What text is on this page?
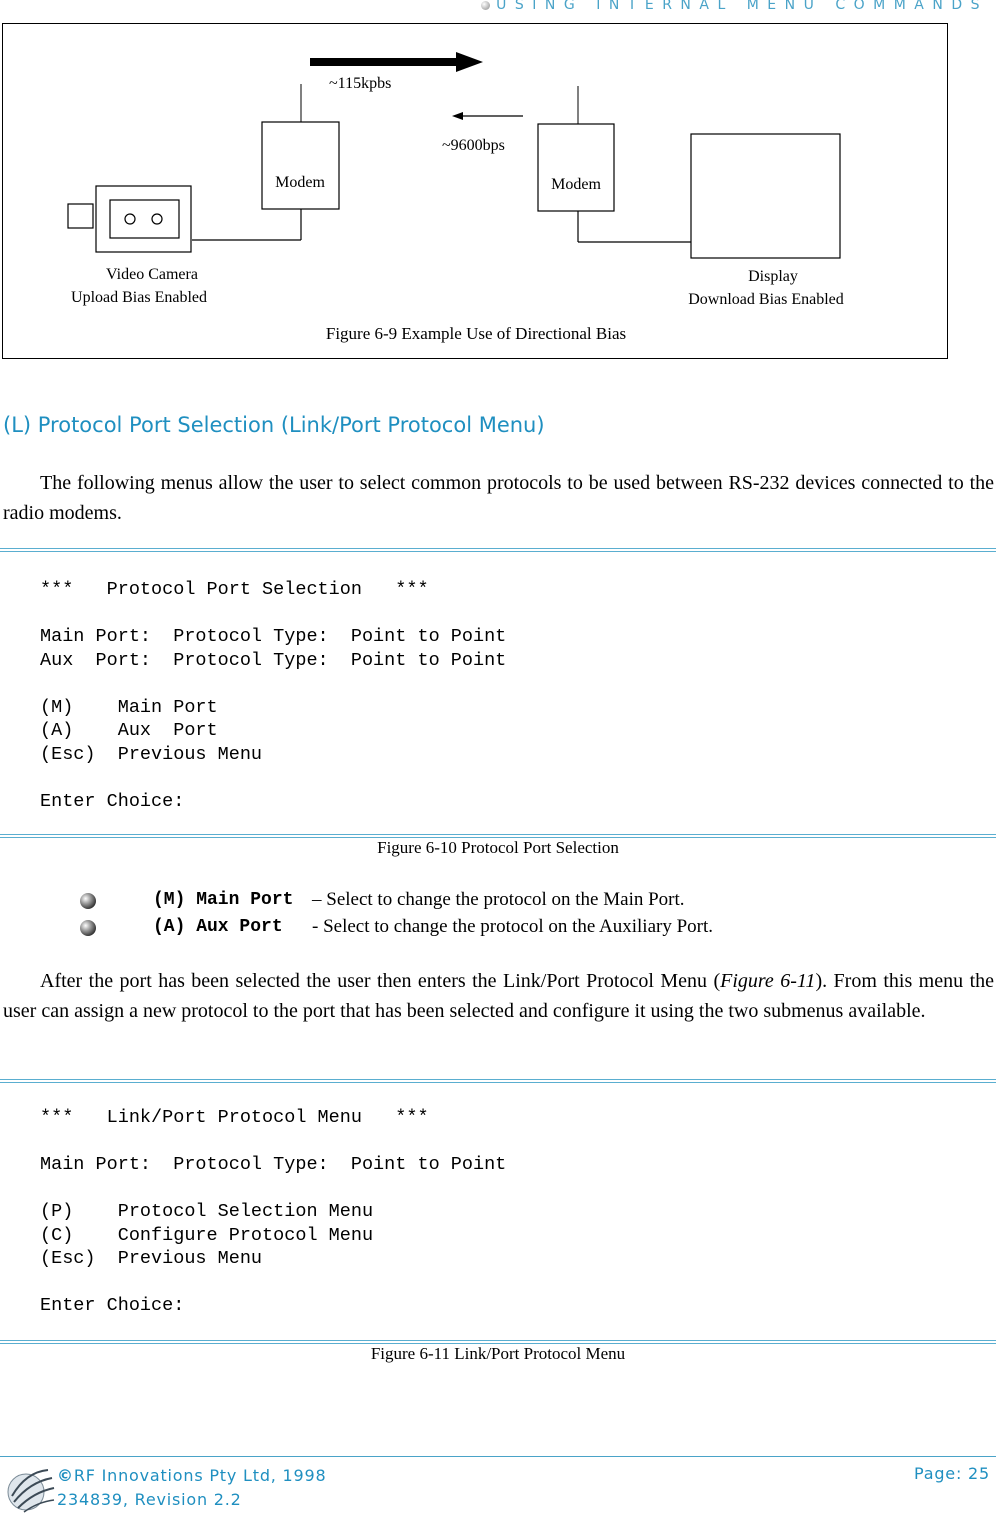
USING INTERNAL MENU COMMANDS
~115kpbs
~9600bps
Modem	Modem
Video Camera
Upload Bias Enabled
Display
Download Bias Enabled
Figure 6-9 Example Use of Directional Bias
(L) Protocol Port Selection (Link/Port Protocol Menu)
The following menus allow the user to select common protocols to be used between RS-232 devices connected to the radio modems.
***   Protocol Port Selection   ***

Main Port:  Protocol Type:  Point to Point
Aux  Port:  Protocol Type:  Point to Point

(M)    Main Port
(A)    Aux  Port
(Esc)  Previous Menu

Enter Choice:
Figure 6-10 Protocol Port Selection
(M) Main Port – Select to change the protocol on the Main Port.
(A) Aux Port - Select to change the protocol on the Auxiliary Port.
After the port has been selected the user then enters the Link/Port Protocol Menu (Figure 6-11). From this menu the user can assign a new protocol to the port that has been selected and configure it using the two submenus available.
***   Link/Port Protocol Menu   ***

Main Port:  Protocol Type:  Point to Point

(P)    Protocol Selection Menu
(C)    Configure Protocol Menu
(Esc)  Previous Menu

Enter Choice:
Figure 6-11 Link/Port Protocol Menu
©RF Innovations Pty Ltd, 1998
234839, Revision 2.2
Page: 25
